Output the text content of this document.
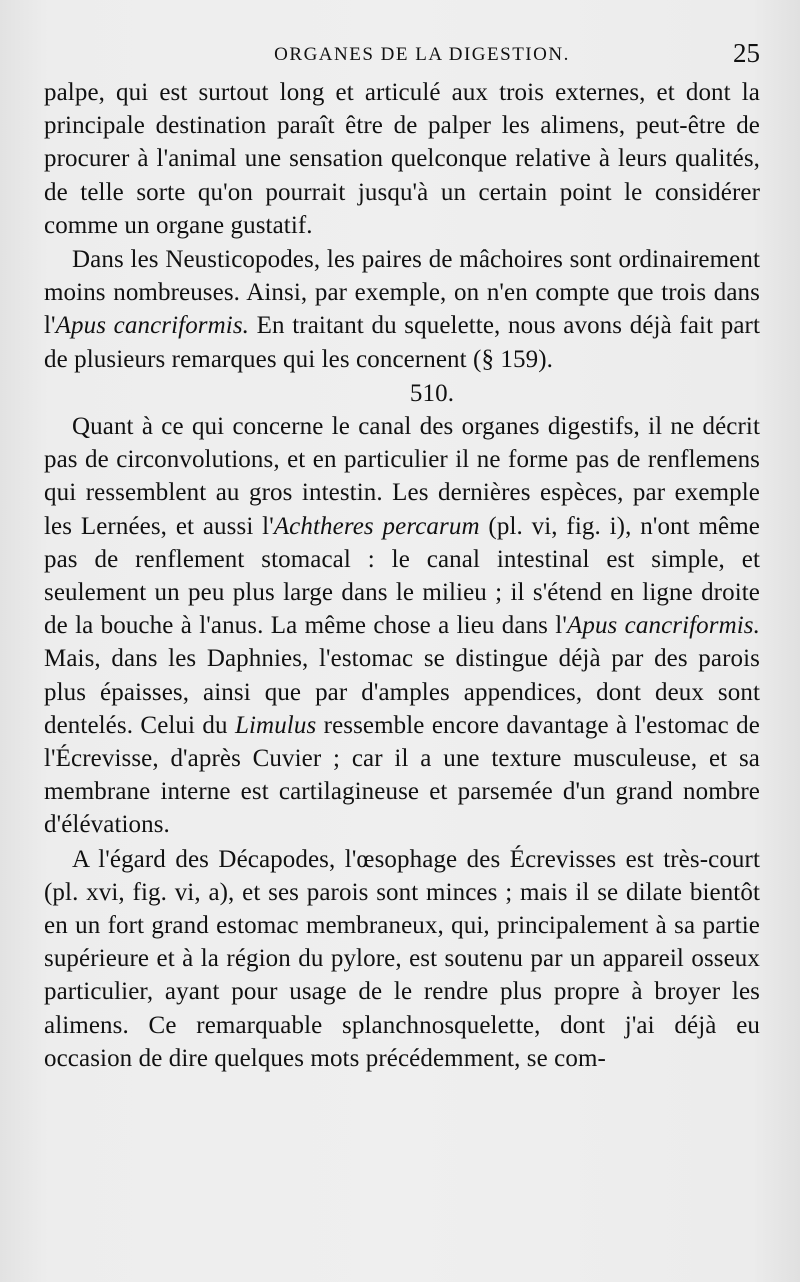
ORGANES DE LA DIGESTION.	25

palpe, qui est surtout long et articulé aux trois externes, et dont la principale destination paraît être de palper les alimens, peut-être de procurer à l'animal une sensation quelconque relative à leurs qualités, de telle sorte qu'on pourrait jusqu'à un certain point le considérer comme un organe gustatif.

Dans les Neusticopodes, les paires de mâchoires sont ordinairement moins nombreuses. Ainsi, par exemple, on n'en compte que trois dans l'Apus cancriformis. En traitant du squelette, nous avons déjà fait part de plusieurs remarques qui les concernent (§ 159).

510.

Quant à ce qui concerne le canal des organes digestifs, il ne décrit pas de circonvolutions, et en particulier il ne forme pas de renflemens qui ressemblent au gros intestin. Les dernières espèces, par exemple les Lernées, et aussi l'Achtheres percarum (pl. vi, fig. i), n'ont même pas de renflement stomacal : le canal intestinal est simple, et seulement un peu plus large dans le milieu ; il s'étend en ligne droite de la bouche à l'anus. La même chose a lieu dans l'Apus cancriformis. Mais, dans les Daphnies, l'estomac se distingue déjà par des parois plus épaisses, ainsi que par d'amples appendices, dont deux sont dentelés. Celui du Limulus ressemble encore davantage à l'estomac de l'Écrevisse, d'après Cuvier ; car il a une texture musculeuse, et sa membrane interne est cartilagineuse et parsemée d'un grand nombre d'élévations.

A l'égard des Décapodes, l'œsophage des Écrevisses est très-court (pl. xvi, fig. vi, a), et ses parois sont minces ; mais il se dilate bientôt en un fort grand estomac membraneux, qui, principalement à sa partie supérieure et à la région du pylore, est soutenu par un appareil osseux particulier, ayant pour usage de le rendre plus propre à broyer les alimens. Ce remarquable splanchnosquelette, dont j'ai déjà eu occasion de dire quelques mots précédemment, se com-
